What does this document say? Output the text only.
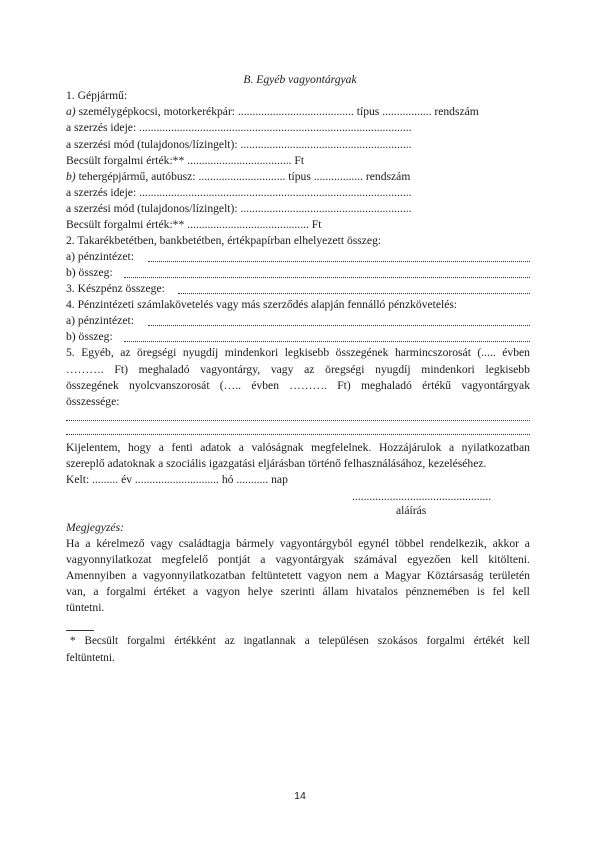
B. Egyéb vagyontárgyak
1. Gépjármű:
a) személygépkocsi, motorkerékpár: ........................................ típus ................. rendszám
a szerzés ideje: ..............................................................................................
a szerzési mód (tulajdonos/lízingelt): ...........................................................
Becsült forgalmi érték:** .................................... Ft
b) tehergépjármű, autóbusz: .............................. típus ................. rendszám
a szerzés ideje: ..............................................................................................
a szerzési mód (tulajdonos/lízingelt): ...........................................................
Becsült forgalmi érték:** .......................................... Ft
2. Takarékbetétben, bankbetétben, értékpapírban elhelyezett összeg:
a) pénzintézet:
b) összeg:
3. Készpénz összege:
4. Pénzintézeti számlakövetelés vagy más szerződés alapján fennálló pénzkövetelés:
a) pénzintézet:
b) összeg:
5. Egyéb, az öregségi nyugdíj mindenkori legkisebb összegének harmincszorosát (..... évben
………. Ft) meghaladó vagyontárgy, vagy az öregségi nyugdíj mindenkori legkisebb
összegének nyolcvanszorosát (….. évben ………. Ft) meghaladó értékű vagyontárgyak
összessége:
Kijelentem, hogy a fenti adatok a valóságnak megfelelnek. Hozzájárulok a nyilatkozatban
szereplő adatoknak a szociális igazgatási eljárásban történő felhasználásához, kezeléséhez.
Kelt: ......... év ............................. hó ........... nap
................................................
aláírás
Megjegyzés:
Ha a kérelmező vagy családtagja bármely vagyontárgyból egynél többel rendelkezik, akkor a
vagyonnyilatkozat megfelelő pontját a vagyontárgyak számával egyezően kell kitölteni.
Amennyiben a vagyonnyilatkozatban feltüntetett vagyon nem a Magyar Köztársaság területén
van, a forgalmi értéket a vagyon helye szerinti állam hivatalos pénznemében is fel kell
tüntetni.
* Becsült forgalmi értékként az ingatlannak a településen szokásos forgalmi értékét kell
feltüntetni.
14
